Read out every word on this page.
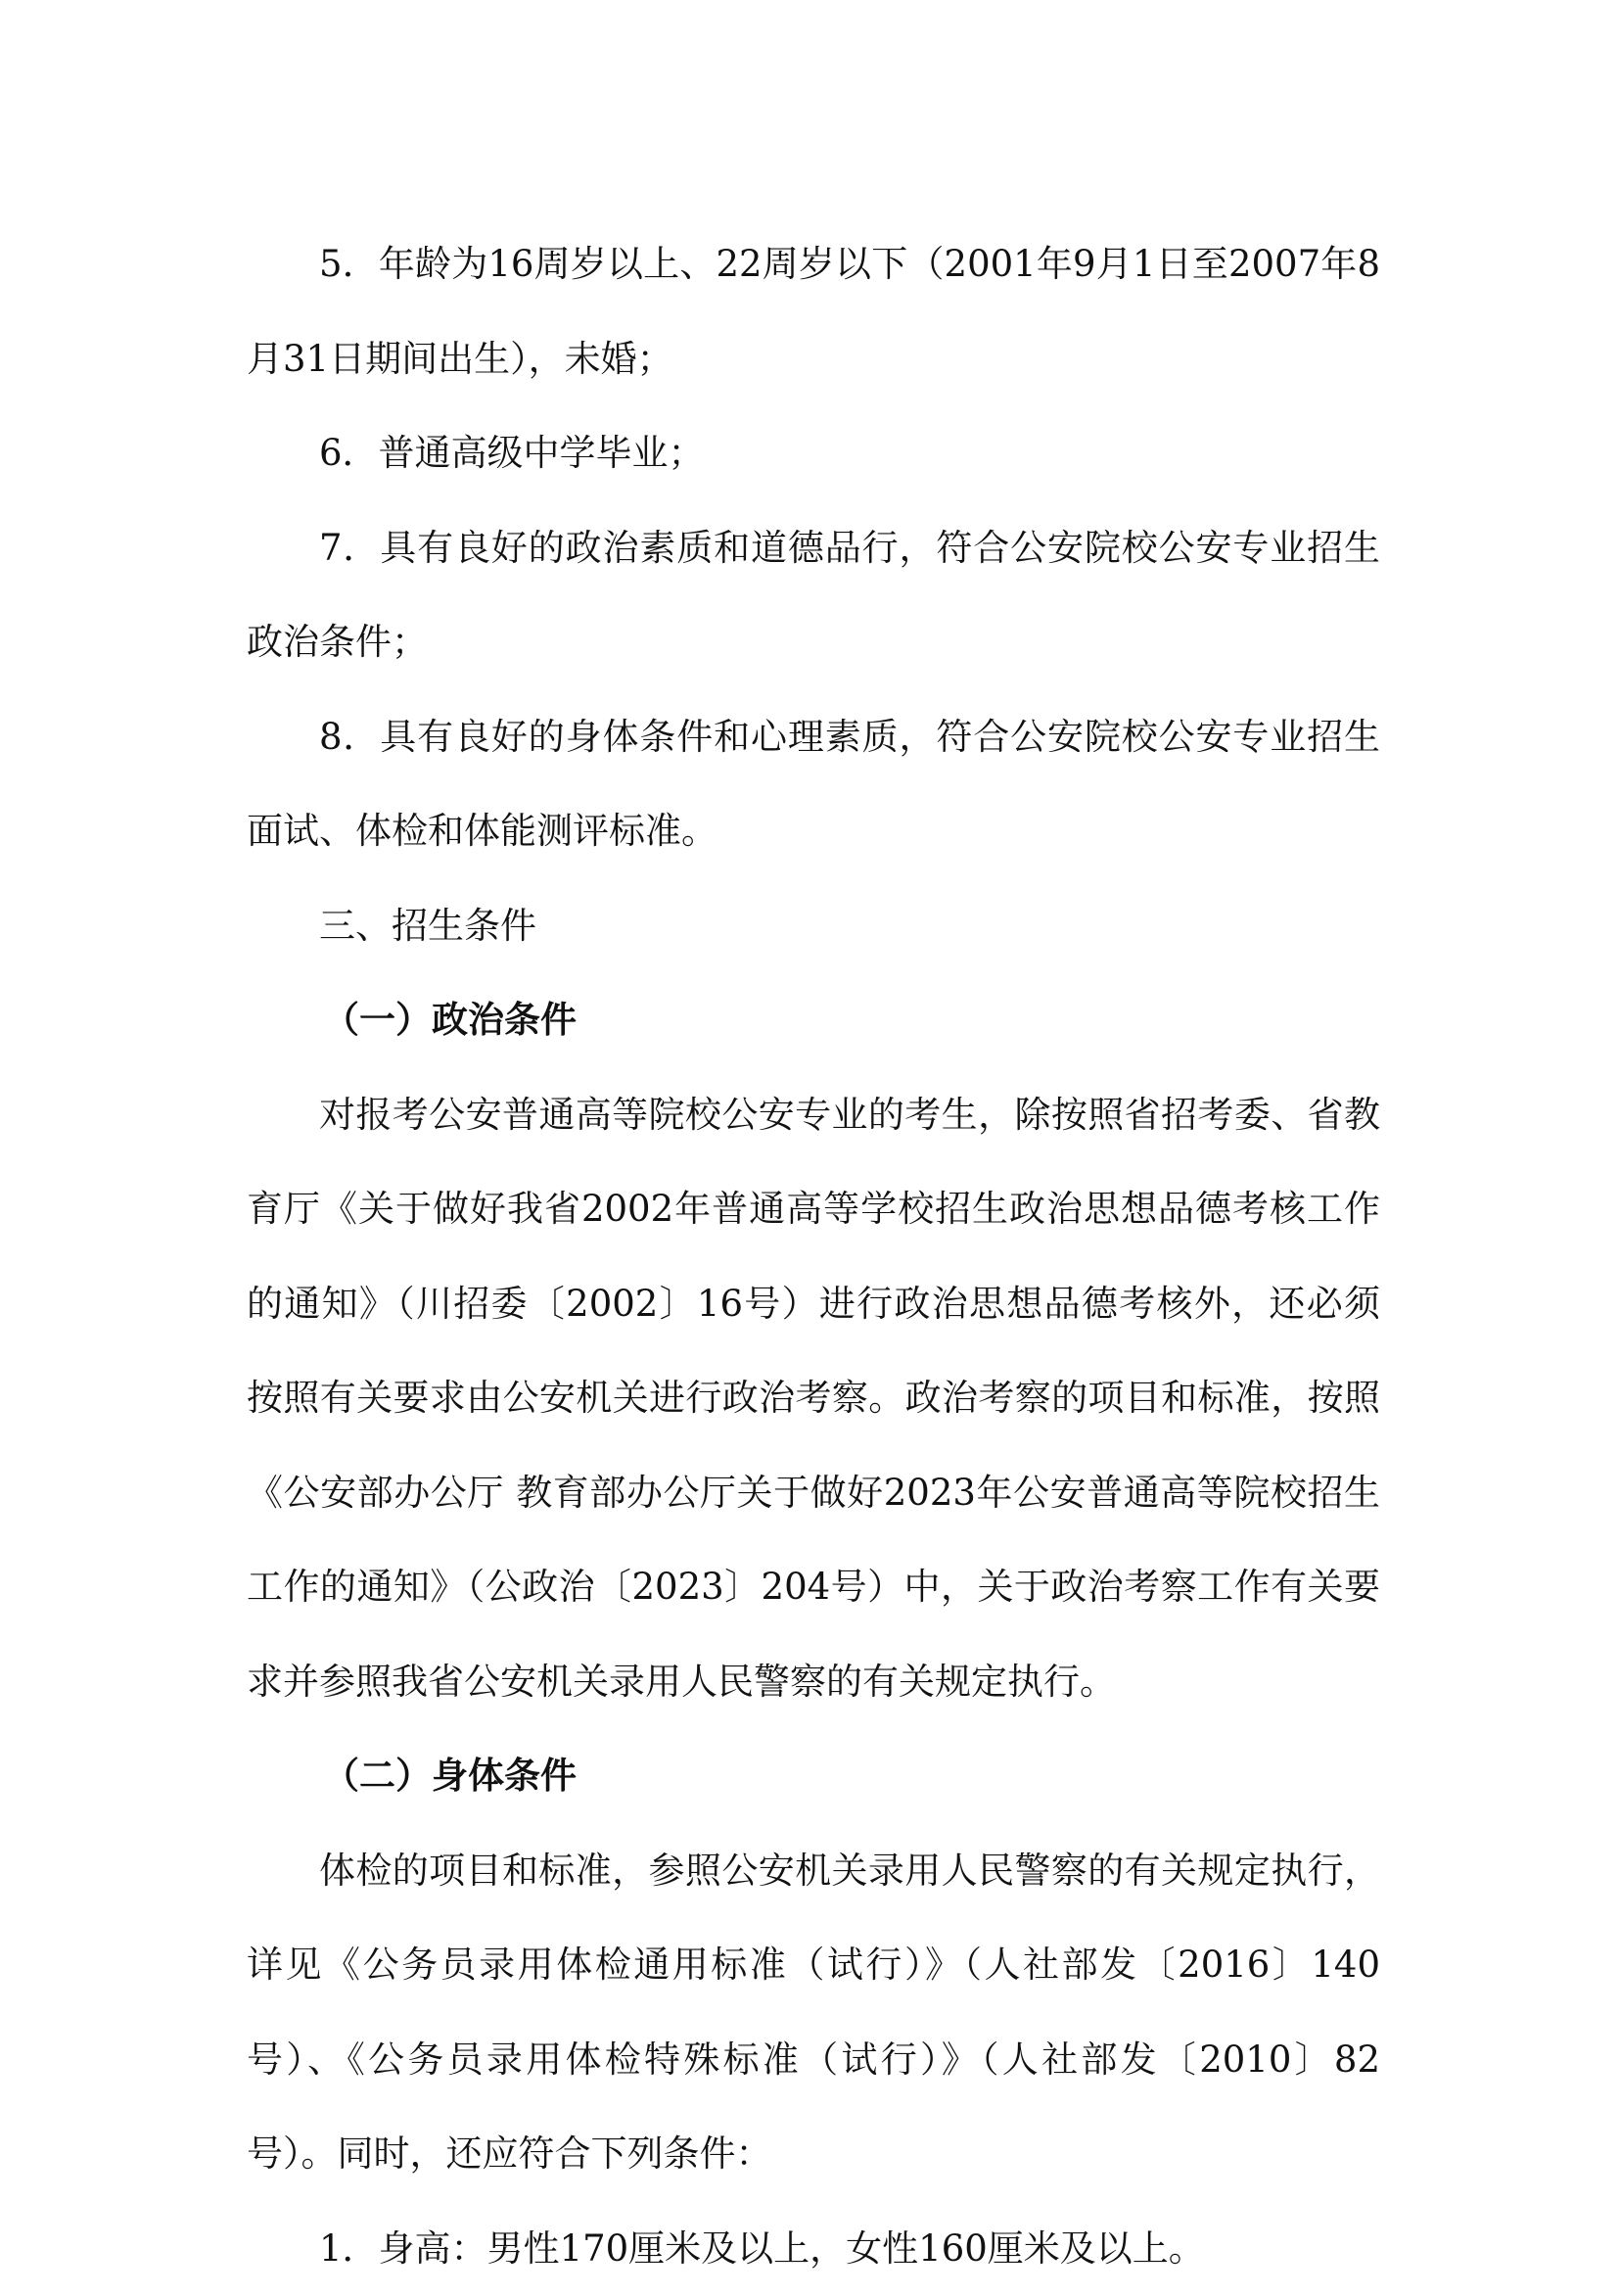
5．年龄为16周岁以上、22周岁以下（2001年9月1日至2007年8月31日期间出生），未婚；

6．普通高级中学毕业；

7．具有良好的政治素质和道德品行，符合公安院校公安专业招生政治条件；

8．具有良好的身体条件和心理素质，符合公安院校公安专业招生面试、体检和体能测评标准。

三、招生条件

（一）政治条件

对报考公安普通高等院校公安专业的考生，除按照省招考委、省教育厅《关于做好我省2002年普通高等学校招生政治思想品德考核工作的通知》（川招委〔2002〕16号）进行政治思想品德考核外，还必须按照有关要求由公安机关进行政治考察。政治考察的项目和标准，按照《公安部办公厅 教育部办公厅关于做好2023年公安普通高等院校招生工作的通知》（公政治〔2023〕204号）中，关于政治考察工作有关要求并参照我省公安机关录用人民警察的有关规定执行。

（二）身体条件

体检的项目和标准，参照公安机关录用人民警察的有关规定执行，详见《公务员录用体检通用标准（试行）》（人社部发〔2016〕140号）、《公务员录用体检特殊标准（试行）》（人社部发〔2010〕82号）。同时，还应符合下列条件：

1．身高：男性170厘米及以上，女性160厘米及以上。
